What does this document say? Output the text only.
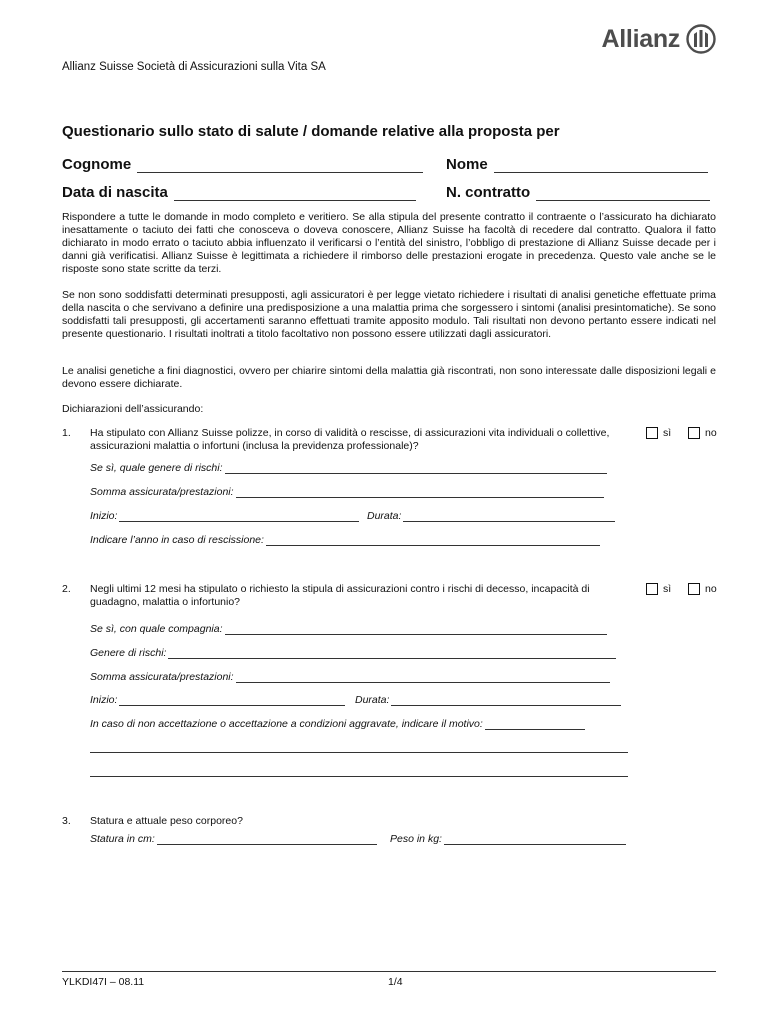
Allianz
Allianz Suisse Società di Assicurazioni sulla Vita SA
Questionario sullo stato di salute / domande relative alla proposta per
Cognome	Nome
Data di nascita	N. contratto
Rispondere a tutte le domande in modo completo e veritiero. Se alla stipula del presente contratto il contraente o l’assicurato ha dichiarato inesattamente o taciuto dei fatti che conosceva o doveva conoscere, Allianz Suisse ha facoltà di recedere dal contratto. Qualora il fatto dichiarato in modo errato o taciuto abbia influenzato il verificarsi o l’entità del sinistro, l’obbligo di prestazione di Allianz Suisse decade per i danni già verificatisi. Allianz Suisse è legittimata a richiedere il rimborso delle prestazioni erogate in precedenza. Questo vale anche se le risposte sono state scritte da terzi.
Se non sono soddisfatti determinati presupposti, agli assicuratori è per legge vietato richiedere i risultati di analisi genetiche effettuate prima della nascita o che servivano a definire una predisposizione a una malattia prima che sorgessero i sintomi (analisi presintomatiche). Se sono soddisfatti tali presupposti, gli accertamenti saranno effettuati tramite apposito modulo. Tali risultati non devono pertanto essere indicati nel presente questionario. I risultati inoltrati a titolo facoltativo non possono essere utilizzati dagli assicuratori.
Le analisi genetiche a fini diagnostici, ovvero per chiarire sintomi della malattia già riscontrati, non sono interessate dalle disposizioni legali e devono essere dichiarate.
Dichiarazioni dell’assicurando:
1. Ha stipulato con Allianz Suisse polizze, in corso di validità o rescisse, di assicurazioni vita individuali o collettive, assicurazioni malattia o infortuni (inclusa la previdenza professionale)?
sì	no
Se sì, quale genere di rischi:
Somma assicurata/prestazioni:
Inizio:	Durata:
Indicare l’anno in caso di rescissione:
2. Negli ultimi 12 mesi ha stipulato o richiesto la stipula di assicurazioni contro i rischi di decesso, incapacità di guadagno, malattia o infortunio?
sì	no
Se sì, con quale compagnia:
Genere di rischi:
Somma assicurata/prestazioni:
Inizio:	Durata:
In caso di non accettazione o accettazione a condizioni aggravate, indicare il motivo:
3. Statura e attuale peso corporeo?
Statura in cm:	Peso in kg:
YLKDI47I – 08.11	1/4
